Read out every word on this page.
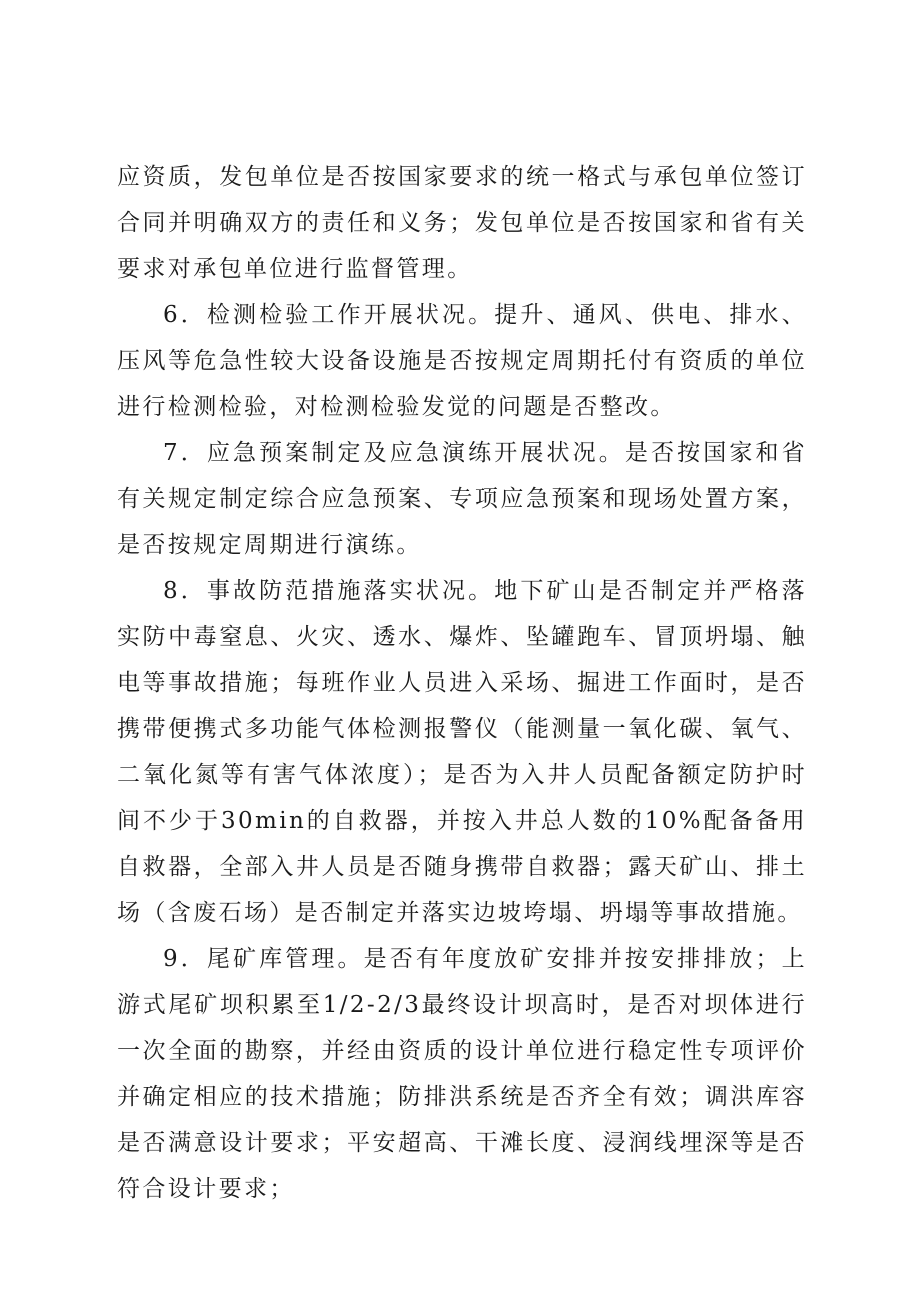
应资质，发包单位是否按国家要求的统一格式与承包单位签订合同并明确双方的责任和义务；发包单位是否按国家和省有关要求对承包单位进行监督管理。

6．检测检验工作开展状况。提升、通风、供电、排水、压风等危急性较大设备设施是否按规定周期托付有资质的单位进行检测检验，对检测检验发觉的问题是否整改。

7．应急预案制定及应急演练开展状况。是否按国家和省有关规定制定综合应急预案、专项应急预案和现场处置方案，是否按规定周期进行演练。

8．事故防范措施落实状况。地下矿山是否制定并严格落实防中毒窒息、火灾、透水、爆炸、坠罐跑车、冒顶坍塌、触电等事故措施；每班作业人员进入采场、掘进工作面时，是否携带便携式多功能气体检测报警仪（能测量一氧化碳、氧气、二氧化氮等有害气体浓度）；是否为入井人员配备额定防护时间不少于30min的自救器，并按入井总人数的10%配备备用自救器，全部入井人员是否随身携带自救器；露天矿山、排土场（含废石场）是否制定并落实边坡垮塌、坍塌等事故措施。

9．尾矿库管理。是否有年度放矿安排并按安排排放；上游式尾矿坝积累至1/2-2/3最终设计坝高时，是否对坝体进行一次全面的勘察，并经由资质的设计单位进行稳定性专项评价并确定相应的技术措施；防排洪系统是否齐全有效；调洪库容是否满意设计要求；平安超高、干滩长度、浸润线埋深等是否符合设计要求；
